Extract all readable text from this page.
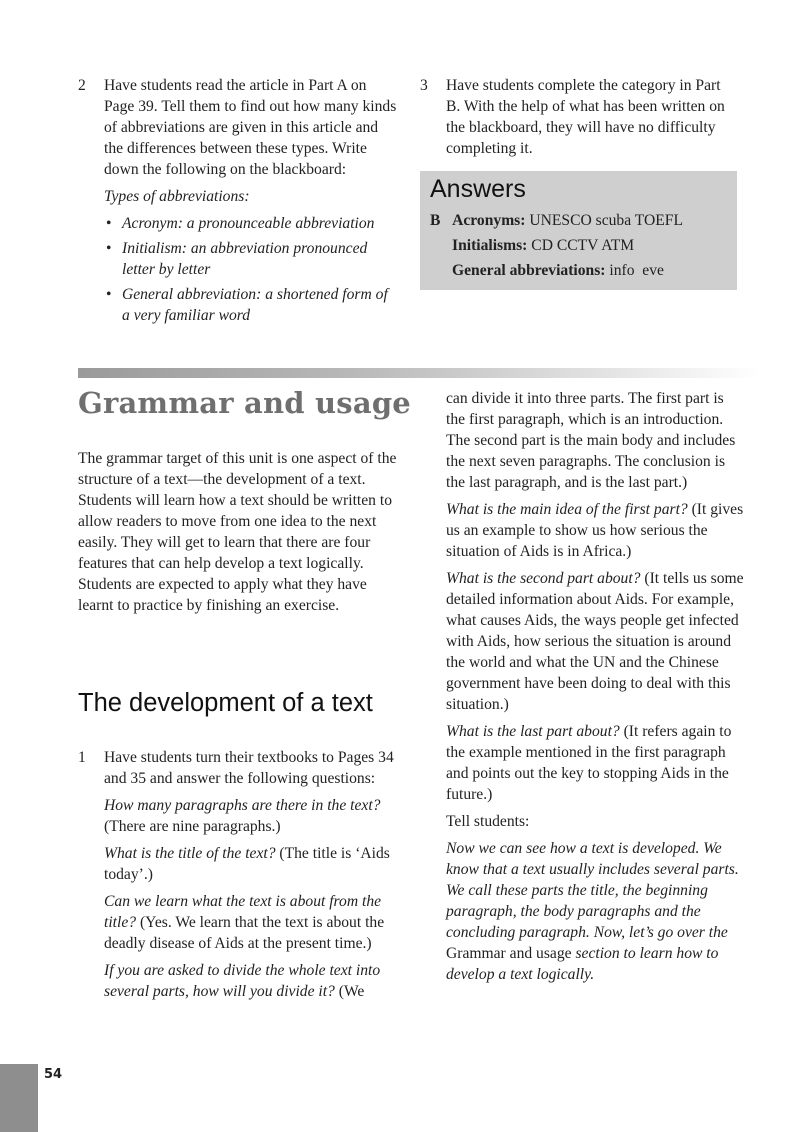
2 Have students read the article in Part A on Page 39. Tell them to find out how many kinds of abbreviations are given in this article and the differences between these types. Write down the following on the blackboard:

Types of abbreviations:

• Acronym: a pronounceable abbreviation
• Initialism: an abbreviation pronounced letter by letter
• General abbreviation: a shortened form of a very familiar word
3 Have students complete the category in Part B. With the help of what has been written on the blackboard, they will have no difficulty completing it.

Answers
B Acronyms: UNESCO scuba TOEFL
Initialisms: CD CCTV ATM
General abbreviations: info  eve
Grammar and usage

The grammar target of this unit is one aspect of the structure of a text—the development of a text. Students will learn how a text should be written to allow readers to move from one idea to the next easily. They will get to learn that there are four features that can help develop a text logically. Students are expected to apply what they have learnt to practice by finishing an exercise.

The development of a text
1 Have students turn their textbooks to Pages 34 and 35 and answer the following questions:

How many paragraphs are there in the text? (There are nine paragraphs.)

What is the title of the text? (The title is ‘Aids today’.)

Can we learn what the text is about from the title? (Yes. We learn that the text is about the deadly disease of Aids at the present time.)

If you are asked to divide the whole text into several parts, how will you divide it? (We

can divide it into three parts. The first part is the first paragraph, which is an introduction. The second part is the main body and includes the next seven paragraphs. The conclusion is the last paragraph, and is the last part.)

What is the main idea of the first part? (It gives us an example to show us how serious the situation of Aids is in Africa.)

What is the second part about? (It tells us some detailed information about Aids. For example, what causes Aids, the ways people get infected with Aids, how serious the situation is around the world and what the UN and the Chinese government have been doing to deal with this situation.)

What is the last part about? (It refers again to the example mentioned in the first paragraph and points out the key to stopping Aids in the future.)

Tell students:

Now we can see how a text is developed. We know that a text usually includes several parts. We call these parts the title, the beginning paragraph, the body paragraphs and the concluding paragraph. Now, let’s go over the Grammar and usage section to learn how to develop a text logically.

54
